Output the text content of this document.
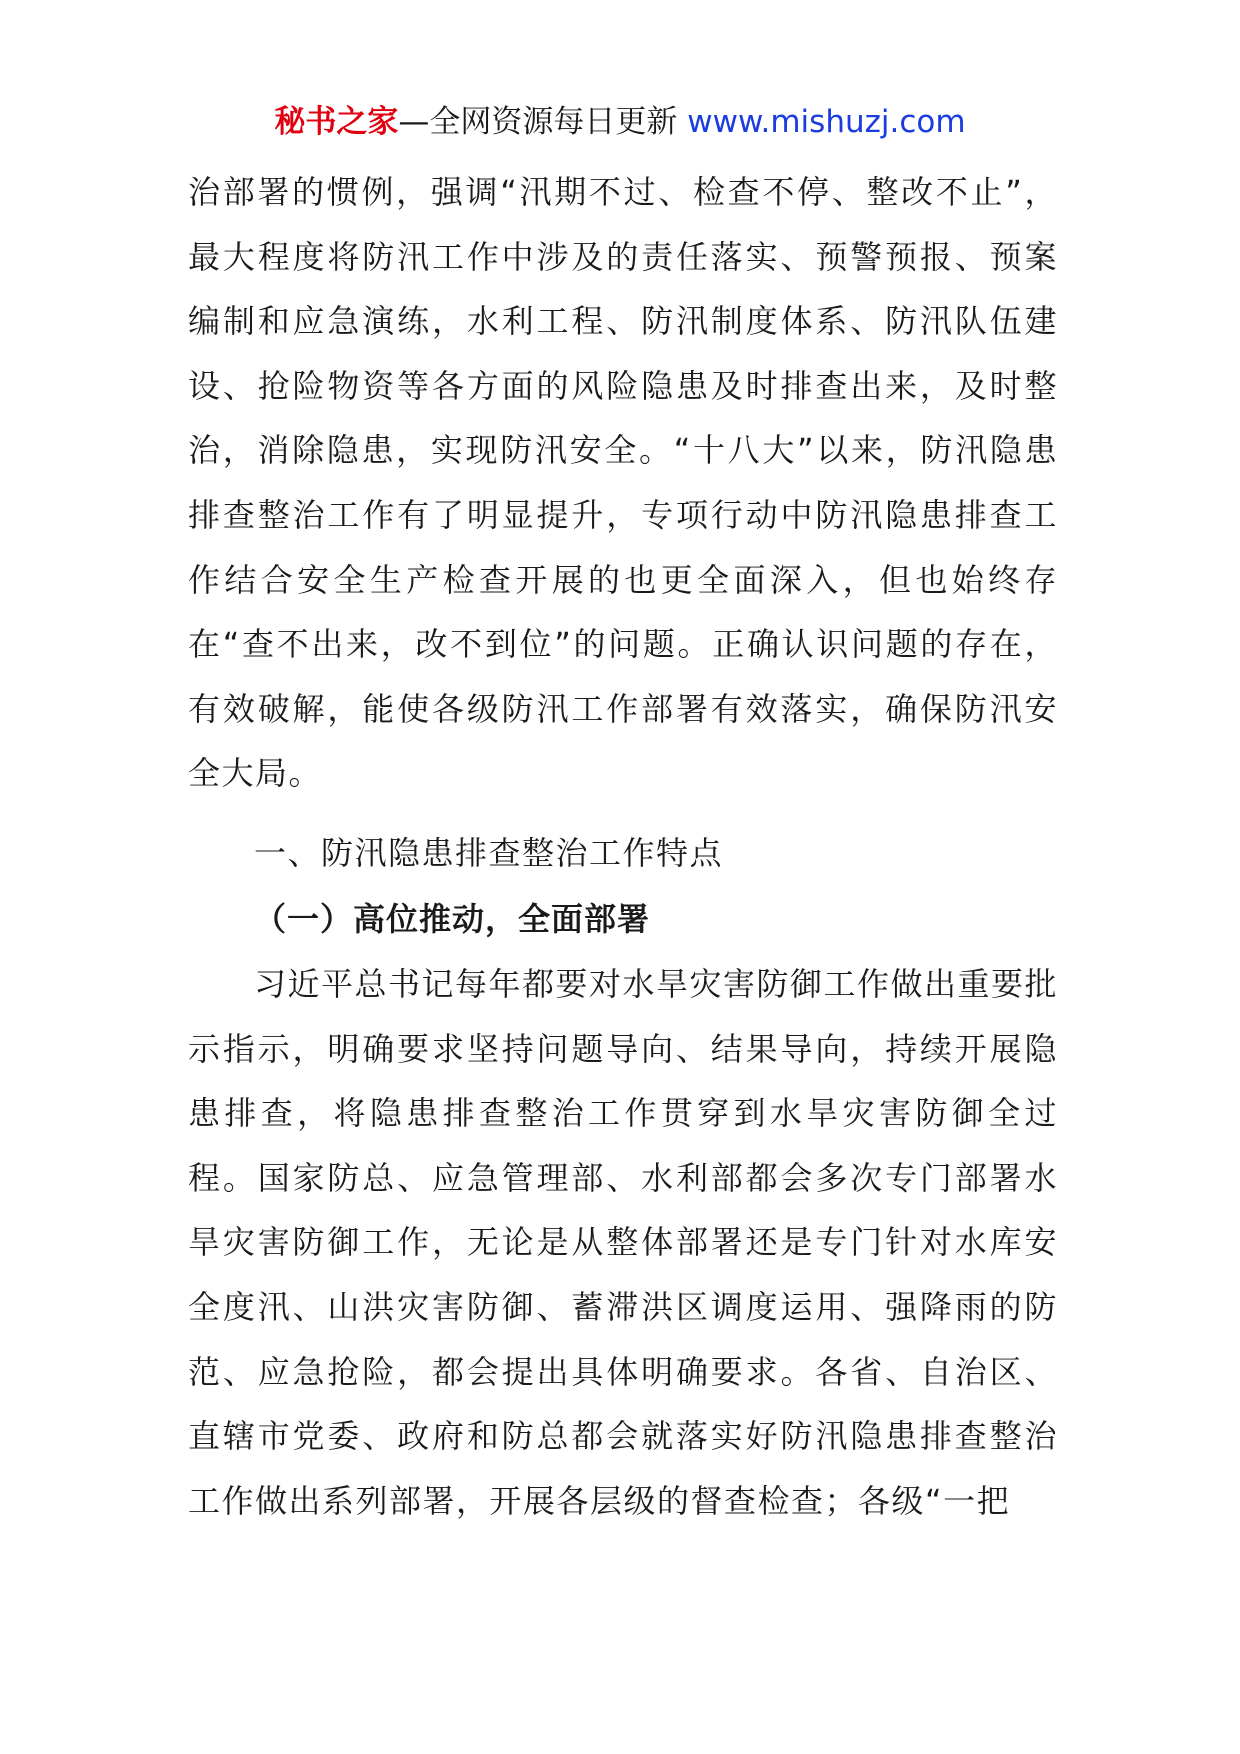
秘书之家—全网资源每日更新 www.mishuzj.com

治部署的惯例，强调“汛期不过、检查不停、整改不止”，最大程度将防汛工作中涉及的责任落实、预警预报、预案编制和应急演练，水利工程、防汛制度体系、防汛队伍建设、抢险物资等各方面的风险隐患及时排查出来，及时整治，消除隐患，实现防汛安全。“十八大”以来，防汛隐患排查整治工作有了明显提升，专项行动中防汛隐患排查工作结合安全生产检查开展的也更全面深入，但也始终存在“查不出来，改不到位”的问题。正确认识问题的存在，有效破解，能使各级防汛工作部署有效落实，确保防汛安全大局。

一、防汛隐患排查整治工作特点

（一）高位推动，全面部署

习近平总书记每年都要对水旱灾害防御工作做出重要批示指示，明确要求坚持问题导向、结果导向，持续开展隐患排查，将隐患排查整治工作贯穿到水旱灾害防御全过程。国家防总、应急管理部、水利部都会多次专门部署水旱灾害防御工作，无论是从整体部署还是专门针对水库安全度汛、山洪灾害防御、蓄滞洪区调度运用、强降雨的防范、应急抢险，都会提出具体明确要求。各省、自治区、直辖市党委、政府和防总都会就落实好防汛隐患排查整治工作做出系列部署，开展各层级的督查检查；各级“一把
